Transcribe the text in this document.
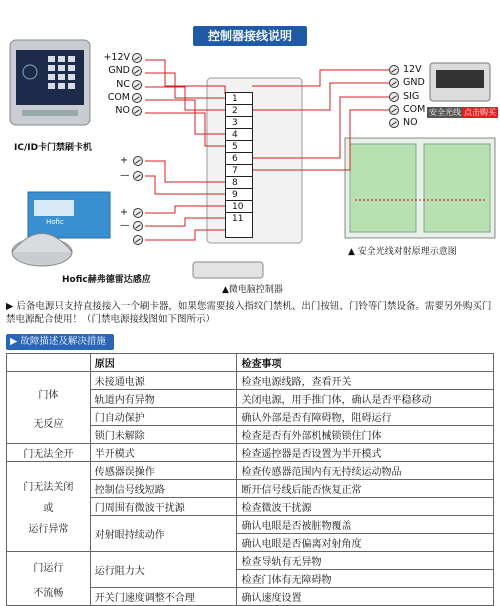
控制器接线说明
+12V
GND
NC
COM
NO
IC/ID卡门禁刷卡机
+
—
+
—
Hofic
Hofic赫弗德雷达感应
1
2
3
4
5
6
7
8
9
10
11
▲微电脑控制器
12V
GND
SIG
COM
NO
安全光线 点击购买
▲ 安全光线对射原理示意图
▶ 后备电源只支持直接接入一个刷卡器，如果您需要接入指纹门禁机、出门按钮、门铃等门禁设备。需要另外购买门禁电源配合使用！（门禁电源接线图如下图所示）
▶ 故障描述及解决措施
	原因	检查事项

门体
无反应	未接通电源	检查电源线路，查看开关
	轨道内有异物	关闭电源，用手推门体，确认是否平稳移动
	门自动保护	确认外部是否有障碍物，阻碍运行
	锁门未解除	检查是否有外部机械锁锁住门体
门无法全开	半开模式	检查遥控器是否设置为半开模式

门无法关闭
或
运行异常	传感器误操作	检查传感器范围内有无持续运动物品
	控制信号线短路	断开信号线后能否恢复正常
	门周围有微波干扰源	检查微波干扰源
	对射眼持续动作	确认电眼是否被脏物覆盖
		确认电眼是否偏离对射角度

门运行
不流畅	运行阻力大	检查导轨有无异物
		检查门体有无障碍物
	开关门速度调整不合理	确认速度设置
